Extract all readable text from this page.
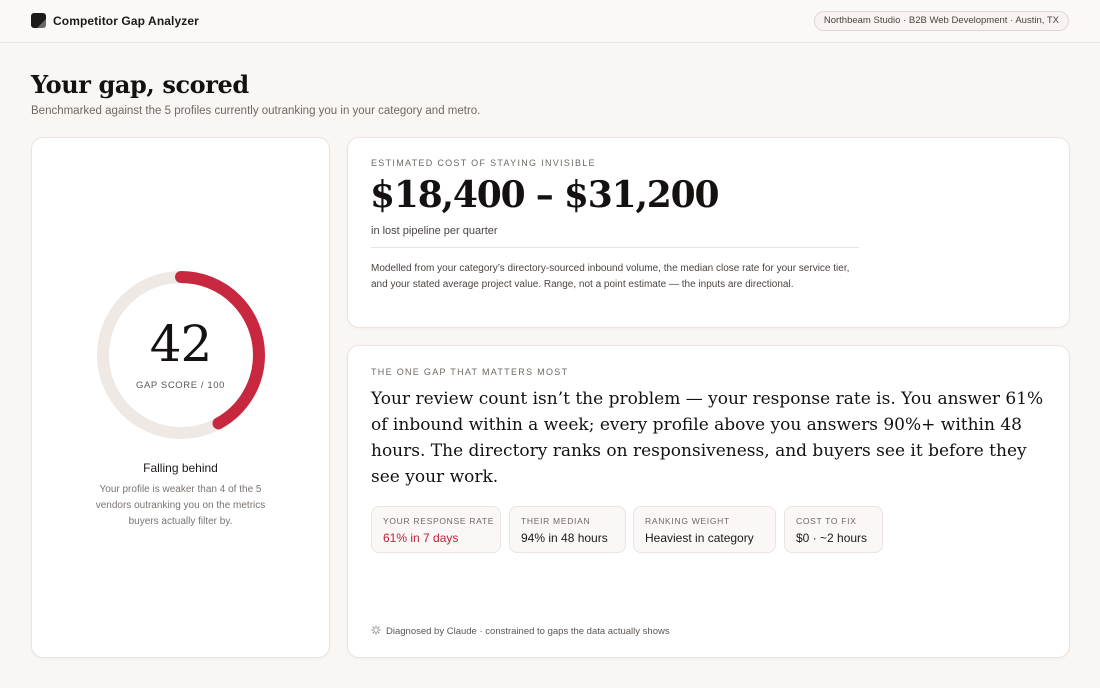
Competitor Gap Analyzer	Northbeam Studio · B2B Web Development · Austin, TX
Your gap, scored

Benchmarked against the 5 profiles currently outranking you in your category and metro.

42
GAP SCORE / 100
Falling behind
Your profile is weaker than 4 of the 5 vendors outranking you on the metrics buyers actually filter by.
ESTIMATED COST OF STAYING INVISIBLE
$18,400 – $31,200
in lost pipeline per quarter
Modelled from your category’s directory-sourced inbound volume, the median close rate for your service tier, and your stated average project value. Range, not a point estimate — the inputs are directional.
THE ONE GAP THAT MATTERS MOST
Your review count isn’t the problem — your response rate is. You answer 61% of inbound within a week; every profile above you answers 90%+ within 48 hours. The directory ranks on responsiveness, and buyers see it before they see your work.
YOUR RESPONSE RATE
61% in 7 days
THEIR MEDIAN
94% in 48 hours
RANKING WEIGHT
Heaviest in category
COST TO FIX
$0 · ~2 hours
Diagnosed by Claude · constrained to gaps the data actually shows
